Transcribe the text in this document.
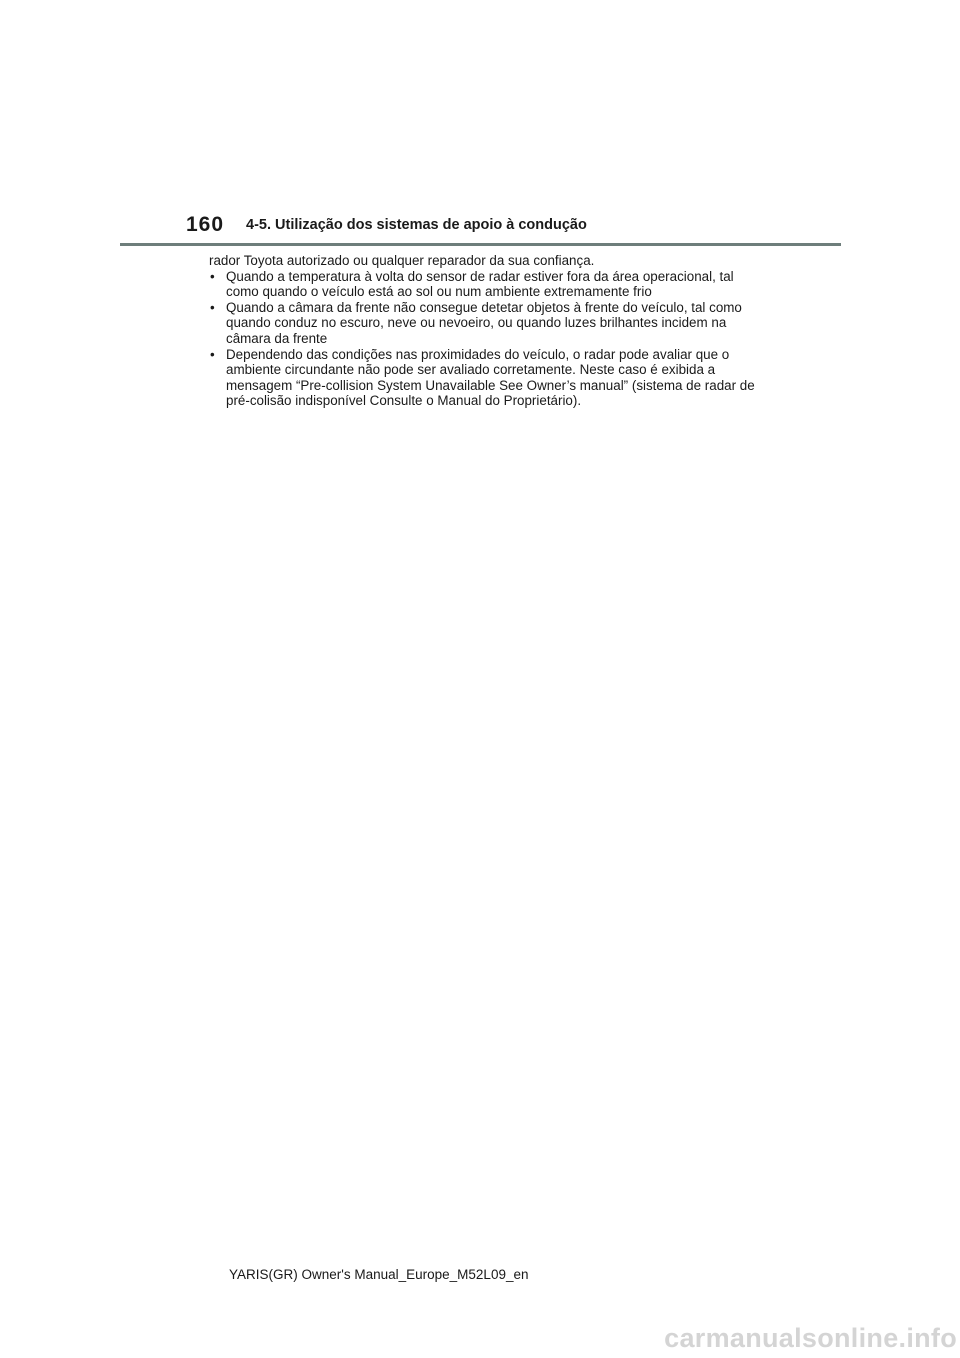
160 4-5. Utilização dos sistemas de apoio à condução

rador Toyota autorizado ou qualquer reparador da sua confiança.

• Quando a temperatura à volta do sensor de radar estiver fora da área operacional, tal como quando o veículo está ao sol ou num ambiente extremamente frio
• Quando a câmara da frente não consegue detetar objetos à frente do veículo, tal como quando conduz no escuro, neve ou nevoeiro, ou quando luzes brilhantes incidem na câmara da frente
• Dependendo das condições nas proximidades do veículo, o radar pode avaliar que o ambiente circundante não pode ser avaliado corretamente. Neste caso é exibida a mensagem “Pre-collision System Unavailable See Owner’s manual” (sistema de radar de pré-colisão indisponível Consulte o Manual do Proprietário).
YARIS(GR) Owner's Manual_Europe_M52L09_en
carmanualsonline.info
